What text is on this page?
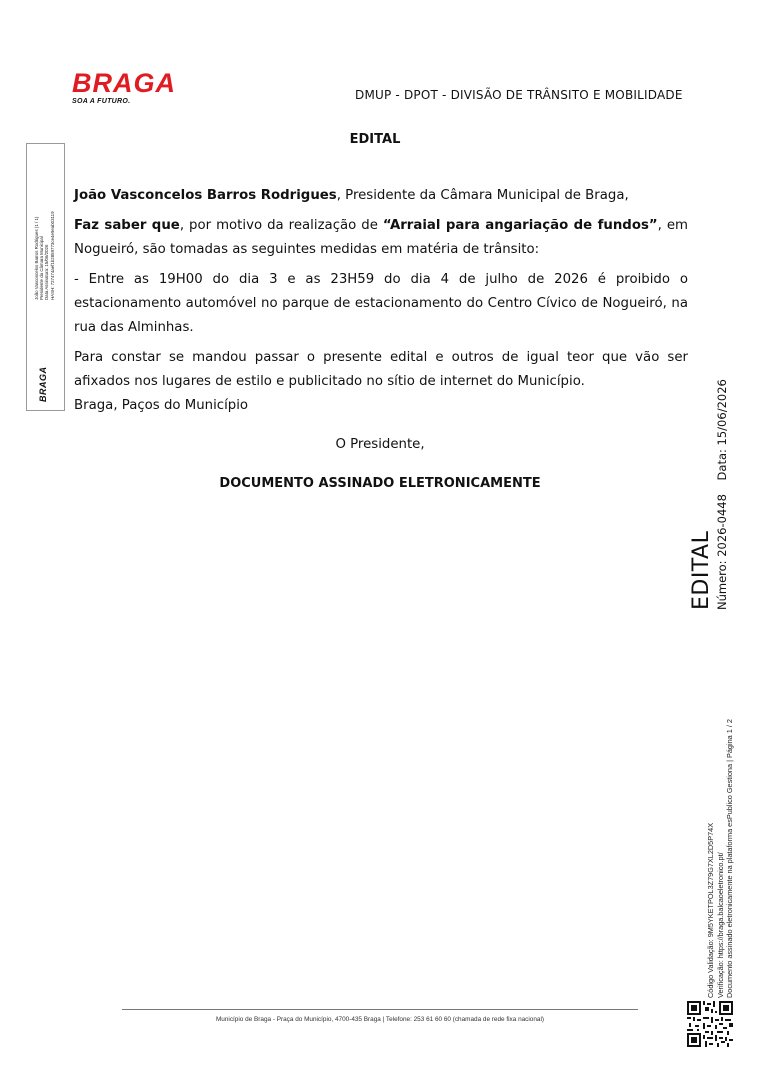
BRAGA
SOA A FUTURO.	DMUP - DPOT - DIVISÃO DE TRÂNSITO E MOBILIDADE
EDITAL

João Vasconcelos Barros Rodrigues, Presidente da Câmara Municipal de Braga,

Faz saber que, por motivo da realização de “Arraial para angariação de fundos”, em Nogueiró, são tomadas as seguintes medidas em matéria de trânsito:

- Entre as 19H00 do dia 3 e as 23H59 do dia 4 de julho de 2026 é proibido o estacionamento automóvel no parque de estacionamento do Centro Cívico de Nogueiró, na rua das Alminhas.

Para constar se mandou passar o presente edital e outros de igual teor que vão ser afixados nos lugares de estilo e publicitado no sítio de internet do Município.

Braga, Paços do Município

O Presidente,
DOCUMENTO ASSINADO ELETRONICAMENTE
BRAGA
João Vasconcelos Barros Rodrigues (1 / 1) Presidente da Câmara Municipal Data Assinatura: 15/06/2026 HASH: 727474aef1b2859773ce4e9eab03119
EDITAL Número: 2026-0448 Data: 15/06/2026
Código Validação: 9M5YKETPOL3Z79G7XL2D5P74X Verificação: https://braga.balcaoeletronico.pt/ Documento assinado eletronicamente na plataforma esPublico Gestiona | Página 1 / 2
Município de Braga - Praça do Município, 4700-435 Braga | Telefone: 253 61 60 60 (chamada de rede fixa nacional)
